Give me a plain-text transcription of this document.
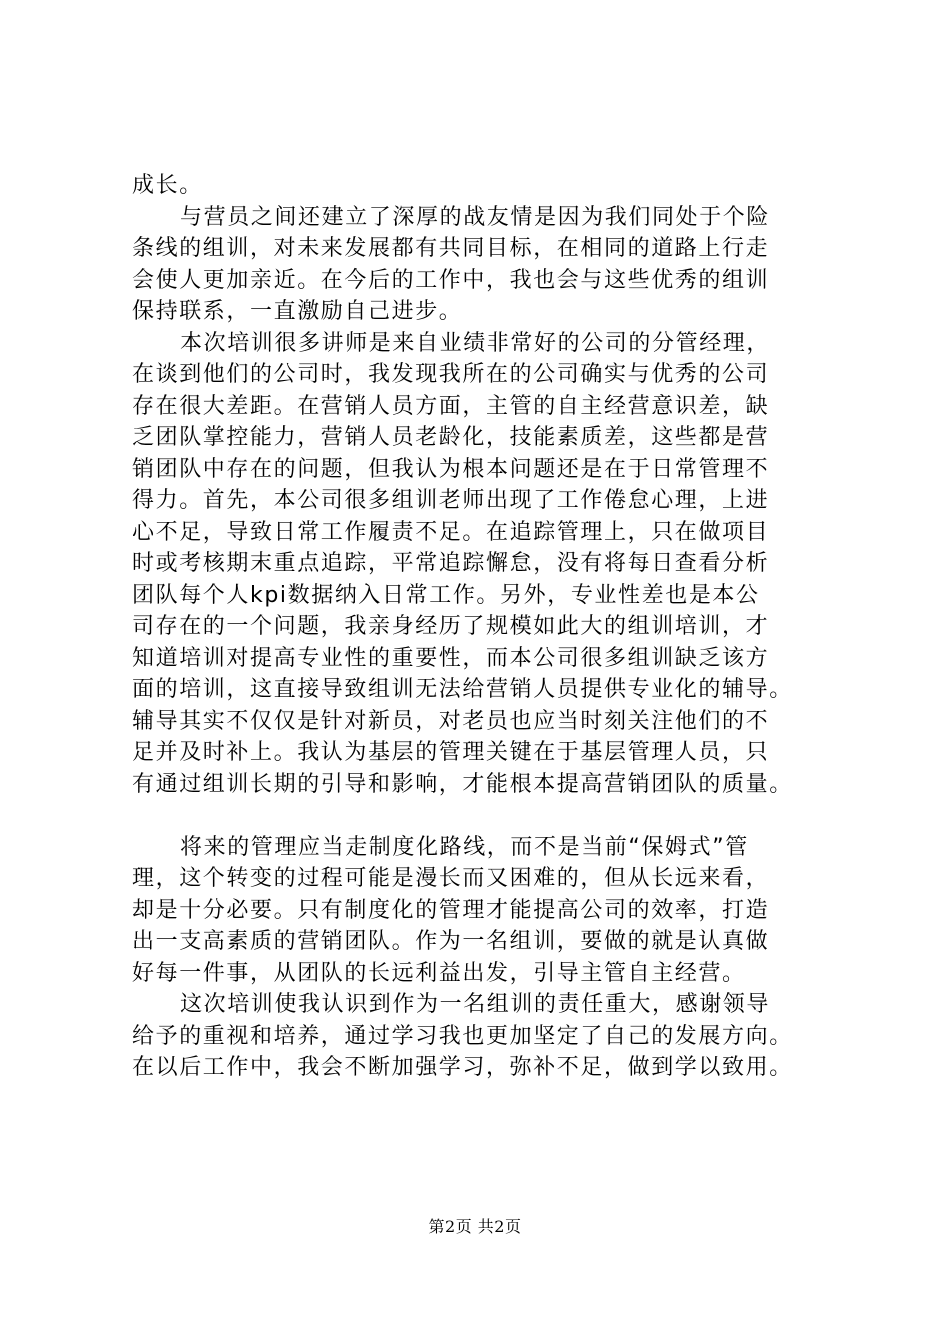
成长。
与营员之间还建立了深厚的战友情是因为我们同处于个险
条线的组训，对未来发展都有共同目标，在相同的道路上行走
会使人更加亲近。在今后的工作中，我也会与这些优秀的组训
保持联系，一直激励自己进步。
本次培训很多讲师是来自业绩非常好的公司的分管经理，
在谈到他们的公司时，我发现我所在的公司确实与优秀的公司
存在很大差距。在营销人员方面，主管的自主经营意识差，缺
乏团队掌控能力，营销人员老龄化，技能素质差，这些都是营
销团队中存在的问题，但我认为根本问题还是在于日常管理不
得力。首先，本公司很多组训老师出现了工作倦怠心理，上进
心不足，导致日常工作履责不足。在追踪管理上，只在做项目
时或考核期末重点追踪，平常追踪懈怠，没有将每日查看分析
团队每个人kpi数据纳入日常工作。另外，专业性差也是本公
司存在的一个问题，我亲身经历了规模如此大的组训培训，才
知道培训对提高专业性的重要性，而本公司很多组训缺乏该方
面的培训，这直接导致组训无法给营销人员提供专业化的辅导。
辅导其实不仅仅是针对新员，对老员也应当时刻关注他们的不
足并及时补上。我认为基层的管理关键在于基层管理人员，只
有通过组训长期的引导和影响，才能根本提高营销团队的质量。
将来的管理应当走制度化路线，而不是当前“保姆式”管
理，这个转变的过程可能是漫长而又困难的，但从长远来看，
却是十分必要。只有制度化的管理才能提高公司的效率，打造
出一支高素质的营销团队。作为一名组训，要做的就是认真做
好每一件事，从团队的长远利益出发，引导主管自主经营。
这次培训使我认识到作为一名组训的责任重大，感谢领导
给予的重视和培养，通过学习我也更加坚定了自己的发展方向。
在以后工作中，我会不断加强学习，弥补不足，做到学以致用。
第2页 共2页
